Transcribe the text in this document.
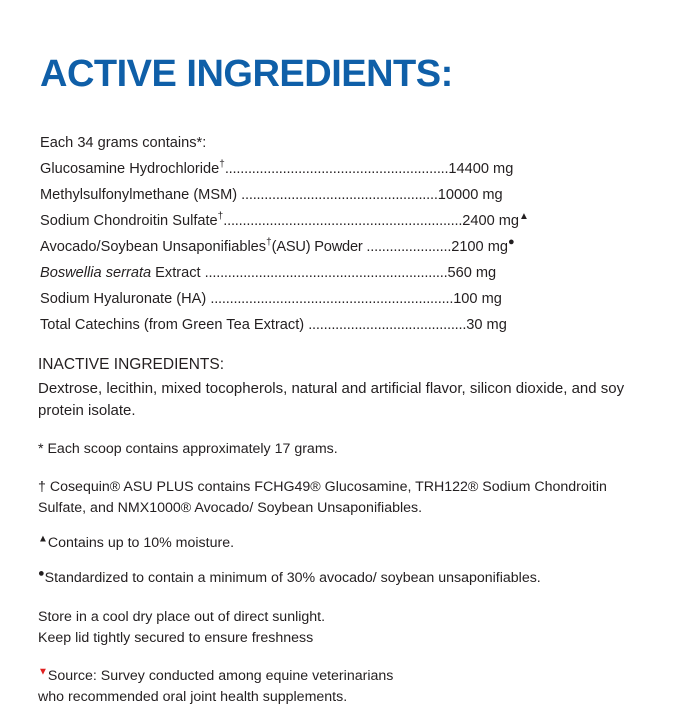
ACTIVE INGREDIENTS:
Each 34 grams contains*:
Glucosamine Hydrochloride†..........................................................14400 mg
Methylsulfonylmethane (MSM) ...................................................10000 mg
Sodium Chondroitin Sulfate†..............................................................2400 mg▲
Avocado/Soybean Unsaponifiables†(ASU) Powder ......................2100 mg●
Boswellia serrata Extract ...............................................................560 mg
Sodium Hyaluronate (HA) ...............................................................100 mg
Total Catechins (from Green Tea Extract) .........................................30 mg
INACTIVE INGREDIENTS:
Dextrose, lecithin, mixed tocopherols, natural and artificial flavor, silicon dioxide, and soy protein isolate.
* Each scoop contains approximately 17 grams.
† Cosequin® ASU PLUS contains FCHG49® Glucosamine, TRH122® Sodium Chondroitin Sulfate, and NMX1000® Avocado/ Soybean Unsaponifiables.
▲Contains up to 10% moisture.
●Standardized to contain a minimum of 30% avocado/ soybean unsaponifiables.
Store in a cool dry place out of direct sunlight.
Keep lid tightly secured to ensure freshness
▼Source: Survey conducted among equine veterinarians
who recommended oral joint health supplements.
